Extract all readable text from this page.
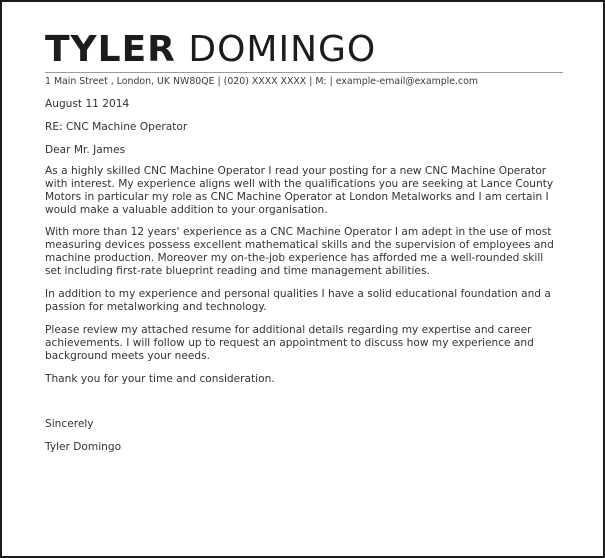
TYLER DOMINGO
1 Main Street , London, UK NW80QE | (020) XXXX XXXX | M: | example-email@example.com
August 11 2014
RE: CNC Machine Operator
Dear Mr. James

As a highly skilled CNC Machine Operator I read your posting for a new CNC Machine Operator

with interest. My experience aligns well with the qualifications you are seeking at Lance County

Motors in particular my role as CNC Machine Operator at London Metalworks and I am certain I

would make a valuable addition to your organisation.

With more than 12 years' experience as a CNC Machine Operator I am adept in the use of most

measuring devices possess excellent mathematical skills and the supervision of employees and

machine production. Moreover my on-the-job experience has afforded me a well-rounded skill

set including first-rate blueprint reading and time management abilities.

In addition to my experience and personal qualities I have a solid educational foundation and a

passion for metalworking and technology.

Please review my attached resume for additional details regarding my expertise and career

achievements. I will follow up to request an appointment to discuss how my experience and

background meets your needs.

Thank you for your time and consideration.

Sincerely
Tyler Domingo
